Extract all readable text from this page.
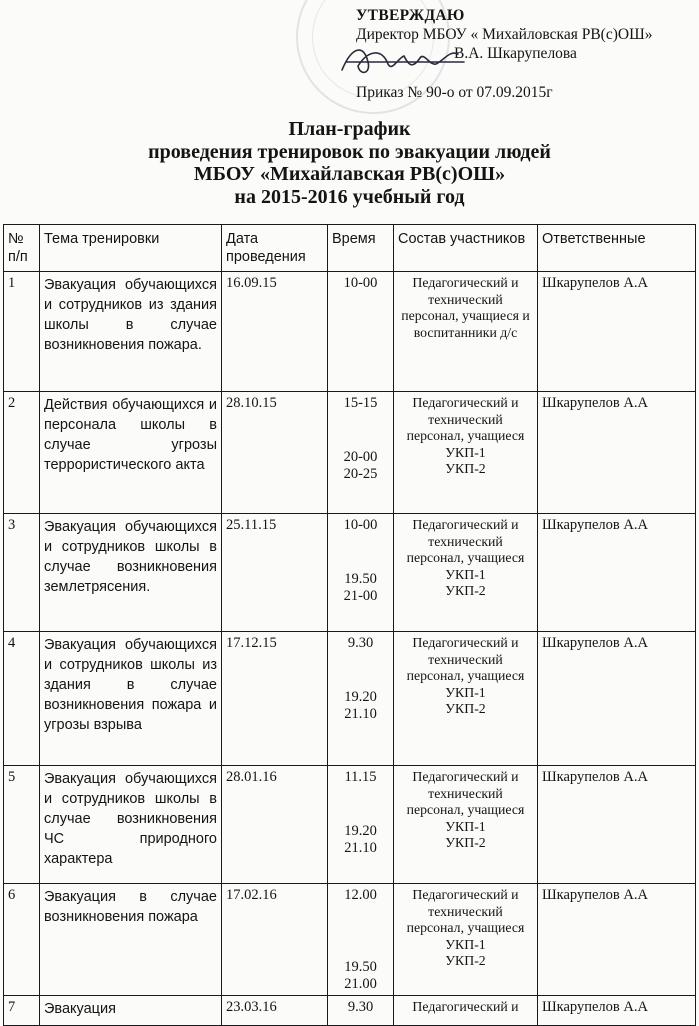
УТВЕРЖДАЮ
Директор МБОУ « Михайловская РВ(с)ОШ»
В.А. Шкарупелова
Приказ № 90-о от 07.09.2015г
План-график
проведения тренировок по эвакуации людей
МБОУ «Михайлавская РВ(с)ОШ»
на 2015-2016 учебный год
№ п/п	Тема тренировки	Дата проведения	Время	Состав участников	Ответственные
1	Эвакуация обучающихся и сотрудников из здания школы в случае возникновения пожара.	16.09.15	10-00	Педагогический и технический персонал, учащиеся и воспитанники д/с	Шкарупелов А.А
2	Действия обучающихся и персонала школы в случае угрозы террористического акта	28.10.15	15-15
20-00
20-25	Педагогический и технический персонал, учащиеся
УКП-1
УКП-2	Шкарупелов А.А
3	Эвакуация обучающихся и сотрудников школы в случае возникновения землетрясения.	25.11.15	10-00
19.50
21-00	Педагогический и технический персонал, учащиеся
УКП-1
УКП-2	Шкарупелов А.А
4	Эвакуация обучающихся и сотрудников школы из здания в случае возникновения пожара и угрозы взрыва	17.12.15	9.30
19.20
21.10	Педагогический и технический персонал, учащиеся
УКП-1
УКП-2	Шкарупелов А.А
5	Эвакуация обучающихся и сотрудников школы в случае возникновения ЧС природного характера	28.01.16	11.15
19.20
21.10	Педагогический и технический персонал, учащиеся
УКП-1
УКП-2	Шкарупелов А.А
6	Эвакуация в случае возникновения пожара	17.02.16	12.00
19.50
21.00	Педагогический и технический персонал, учащиеся
УКП-1
УКП-2	Шкарупелов А.А
7	Эвакуация	23.03.16	9.30	Педагогический и	Шкарупелов А.А
